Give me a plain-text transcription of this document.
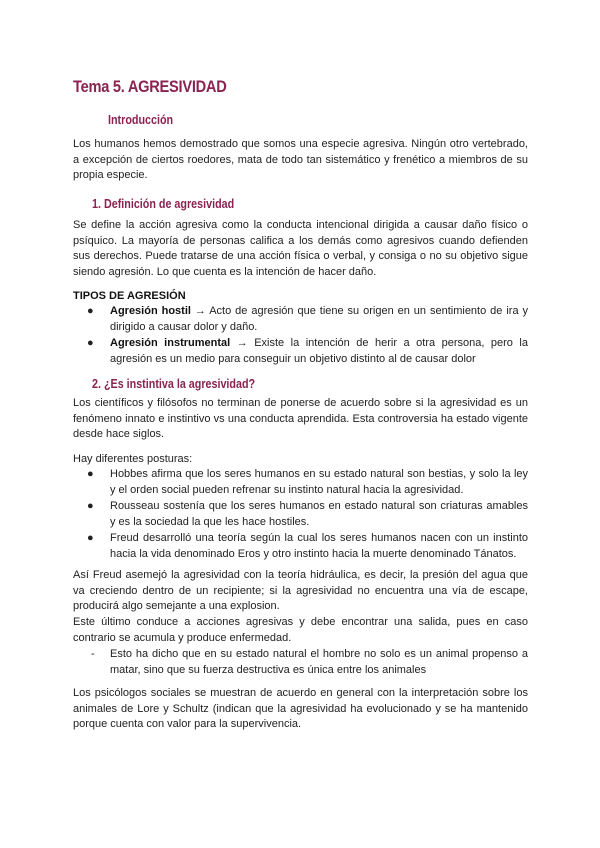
Tema 5. AGRESIVIDAD
Introducción
Los humanos hemos demostrado que somos una especie agresiva. Ningún otro vertebrado, a excepción de ciertos roedores, mata de todo tan sistemático y frenético a miembros de su propia especie.
1. Definición de agresividad
Se define la acción agresiva como la conducta intencional dirigida a causar daño físico o psíquico. La mayoría de personas califica a los demás como agresivos cuando defienden sus derechos. Puede tratarse de una acción física o verbal, y consiga o no su objetivo sigue siendo agresión. Lo que cuenta es la intención de hacer daño.
TIPOS DE AGRESIÓN
● Agresión hostil → Acto de agresión que tiene su origen en un sentimiento de ira y dirigido a causar dolor y daño.
● Agresión instrumental → Existe la intención de herir a otra persona, pero la agresión es un medio para conseguir un objetivo distinto al de causar dolor
2. ¿Es instintiva la agresividad?
Los científicos y filósofos no terminan de ponerse de acuerdo sobre si la agresividad es un fenómeno innato e instintivo vs una conducta aprendida. Esta controversia ha estado vigente desde hace siglos.
Hay diferentes posturas:
● Hobbes afirma que los seres humanos en su estado natural son bestias, y solo la ley y el orden social pueden refrenar su instinto natural hacia la agresividad.
● Rousseau sostenía que los seres humanos en estado natural son criaturas amables y es la sociedad la que les hace hostiles.
● Freud desarrolló una teoría según la cual los seres humanos nacen con un instinto hacia la vida denominado Eros y otro instinto hacia la muerte denominado Tánatos.
Así Freud asemejó la agresividad con la teoría hidráulica, es decir, la presión del agua que va creciendo dentro de un recipiente; si la agresividad no encuentra una vía de escape, producirá algo semejante a una explosion.
Este último conduce a acciones agresivas y debe encontrar una salida, pues en caso contrario se acumula y produce enfermedad.
- Esto ha dicho que en su estado natural el hombre no solo es un animal propenso a matar, sino que su fuerza destructiva es única entre los animales
Los psicólogos sociales se muestran de acuerdo en general con la interpretación sobre los animales de Lore y Schultz (indican que la agresividad ha evolucionado y se ha mantenido porque cuenta con valor para la supervivencia.
